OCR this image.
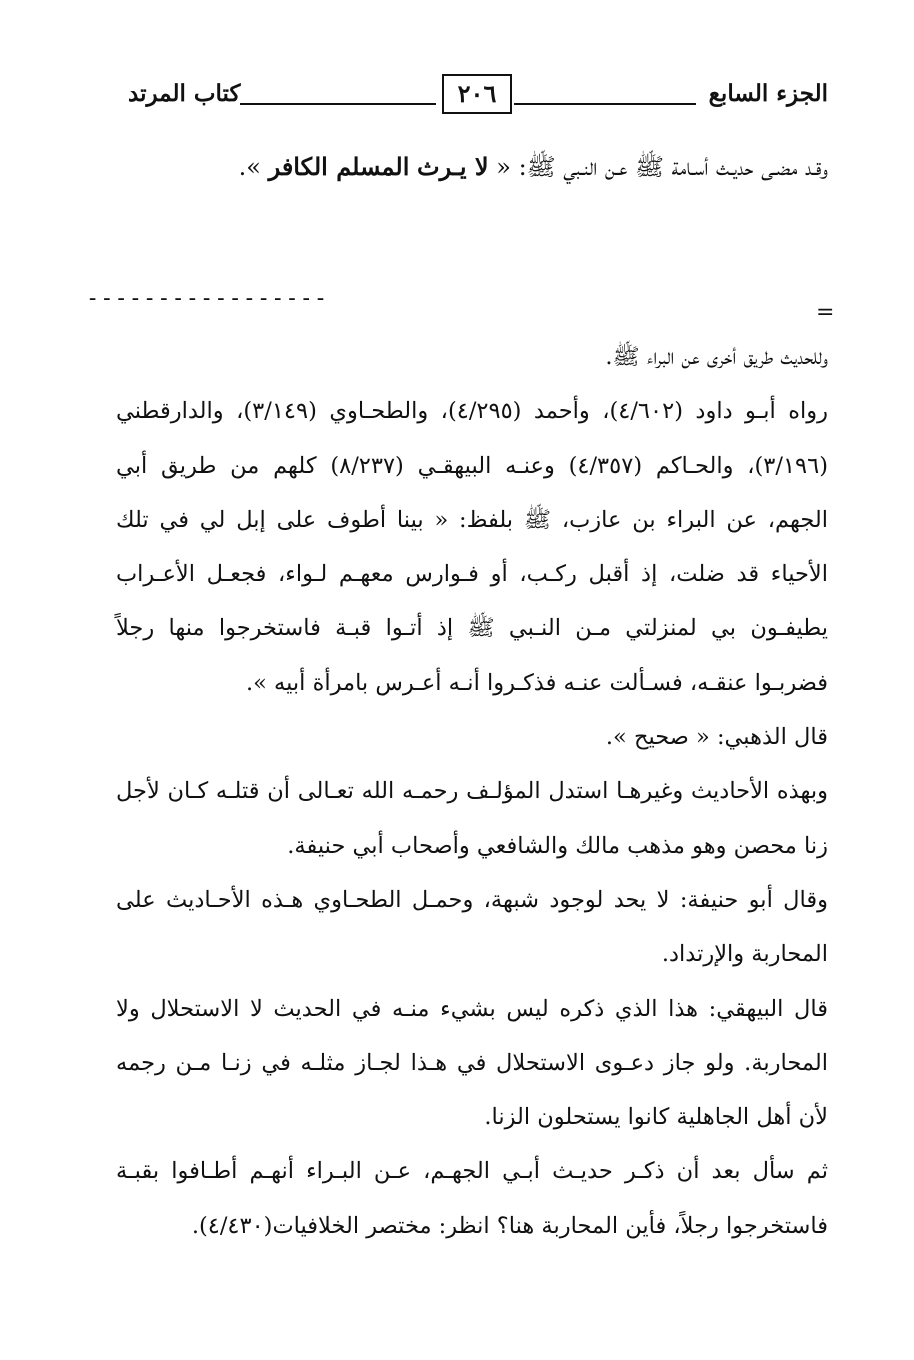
الجزء السابع
٢٠٦
كتاب المرتد

وقـد مضـى حديـث أسـامة ﷺ عـن النـبي ﷺ: « لا يـرث المسلم الكافر ».

-----------------
=

وللحديث طريق أخرى عن البراء ﷺ.

رواه أبـو داود (٤/٦٠٢)، وأحمد (٤/٢٩٥)، والطحـاوي (٣/١٤٩)، والدارقطني (٣/١٩٦)، والحـاكم (٤/٣٥٧) وعنـه البيهقـي (٨/٢٣٧) كلهم من طريق أبي الجهم، عن البراء بن عازب، ﷺ بلفظ: « بينا أطوف على إبل لي في تلك الأحياء قد ضلت، إذ أقبل ركـب، أو فـوارس معهـم لـواء، فجعـل الأعـراب يطيفـون بي لمنزلتي مـن النـبي ﷺ إذ أتـوا قبـة فاستخرجوا منها رجلاً فضربـوا عنقـه، فسـألت عنـه فذكـروا أنـه أعـرس بامرأة أبيه ».

قال الذهبي: « صحيح ».

وبهذه الأحاديث وغيرهـا استدل المؤلـف رحمـه الله تعـالى أن قتلـه كـان لأجل زنا محصن وهو مذهب مالك والشافعي وأصحاب أبي حنيفة.

وقال أبو حنيفة: لا يحد لوجود شبهة، وحمـل الطحـاوي هـذه الأحـاديث على المحاربة والإرتداد.

قال البيهقي: هذا الذي ذكره ليس بشيء منـه في الحديث لا الاستحلال ولا المحاربة. ولو جاز دعـوى الاستحلال في هـذا لجـاز مثلـه في زنـا مـن رجمه لأن أهل الجاهلية كانوا يستحلون الزنا.

ثم سأل بعد أن ذكـر حديـث أبـي الجهـم، عـن البـراء أنهـم أطـافوا بقبـة فاستخرجوا رجلاً، فأين المحاربة هنا؟ انظر: مختصر الخلافيات(٤/٤٣٠).
